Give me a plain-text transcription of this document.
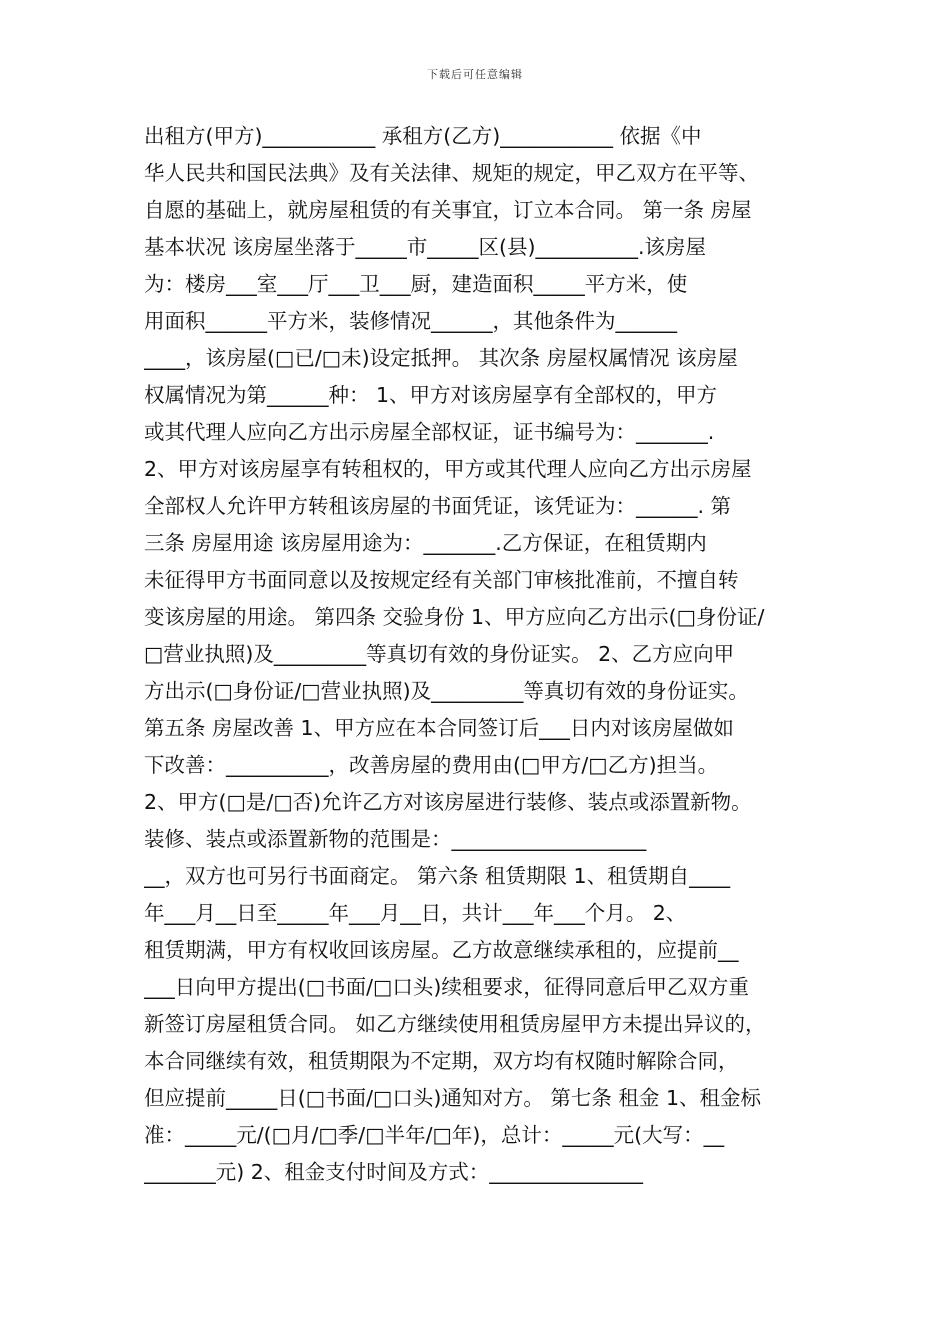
下载后可任意编辑
出租方(甲方)___________ 承租方(乙方)___________ 依据《中
华人民共和国民法典》及有关法律、规矩的规定，甲乙双方在平等、
自愿的基础上，就房屋租赁的有关事宜，订立本合同。 第一条 房屋
基本状况 该房屋坐落于_____市_____区(县)__________.该房屋
为：楼房___室___厅___卫___厨，建造面积_____平方米，使
用面积______平方米，装修情况______，其他条件为______
____，该房屋(□已/□未)设定抵押。 其次条 房屋权属情况 该房屋
权属情况为第______种： 1、甲方对该房屋享有全部权的，甲方
或其代理人应向乙方出示房屋全部权证，证书编号为：_______.
2、甲方对该房屋享有转租权的，甲方或其代理人应向乙方出示房屋
全部权人允许甲方转租该房屋的书面凭证，该凭证为：______. 第
三条 房屋用途 该房屋用途为：_______.乙方保证，在租赁期内
未征得甲方书面同意以及按规定经有关部门审核批准前，不擅自转
变该房屋的用途。 第四条 交验身份 1、甲方应向乙方出示(□身份证/
□营业执照)及_________等真切有效的身份证实。 2、乙方应向甲
方出示(□身份证/□营业执照)及_________等真切有效的身份证实。
第五条 房屋改善 1、甲方应在本合同签订后___日内对该房屋做如
下改善：__________，改善房屋的费用由(□甲方/□乙方)担当。
2、甲方(□是/□否)允许乙方对该房屋进行装修、装点或添置新物。
装修、装点或添置新物的范围是：___________________
__，双方也可另行书面商定。 第六条 租赁期限 1、租赁期自____
年___月__日至_____年___月__日，共计___年___个月。 2、
租赁期满，甲方有权收回该房屋。乙方故意继续承租的，应提前__
___日向甲方提出(□书面/□口头)续租要求，征得同意后甲乙双方重
新签订房屋租赁合同。 如乙方继续使用租赁房屋甲方未提出异议的，
本合同继续有效，租赁期限为不定期，双方均有权随时解除合同，
但应提前_____日(□书面/□口头)通知对方。 第七条 租金 1、租金标
准：_____元/(□月/□季/□半年/□年)，总计：_____元(大写：__
_______元) 2、租金支付时间及方式：_______________
